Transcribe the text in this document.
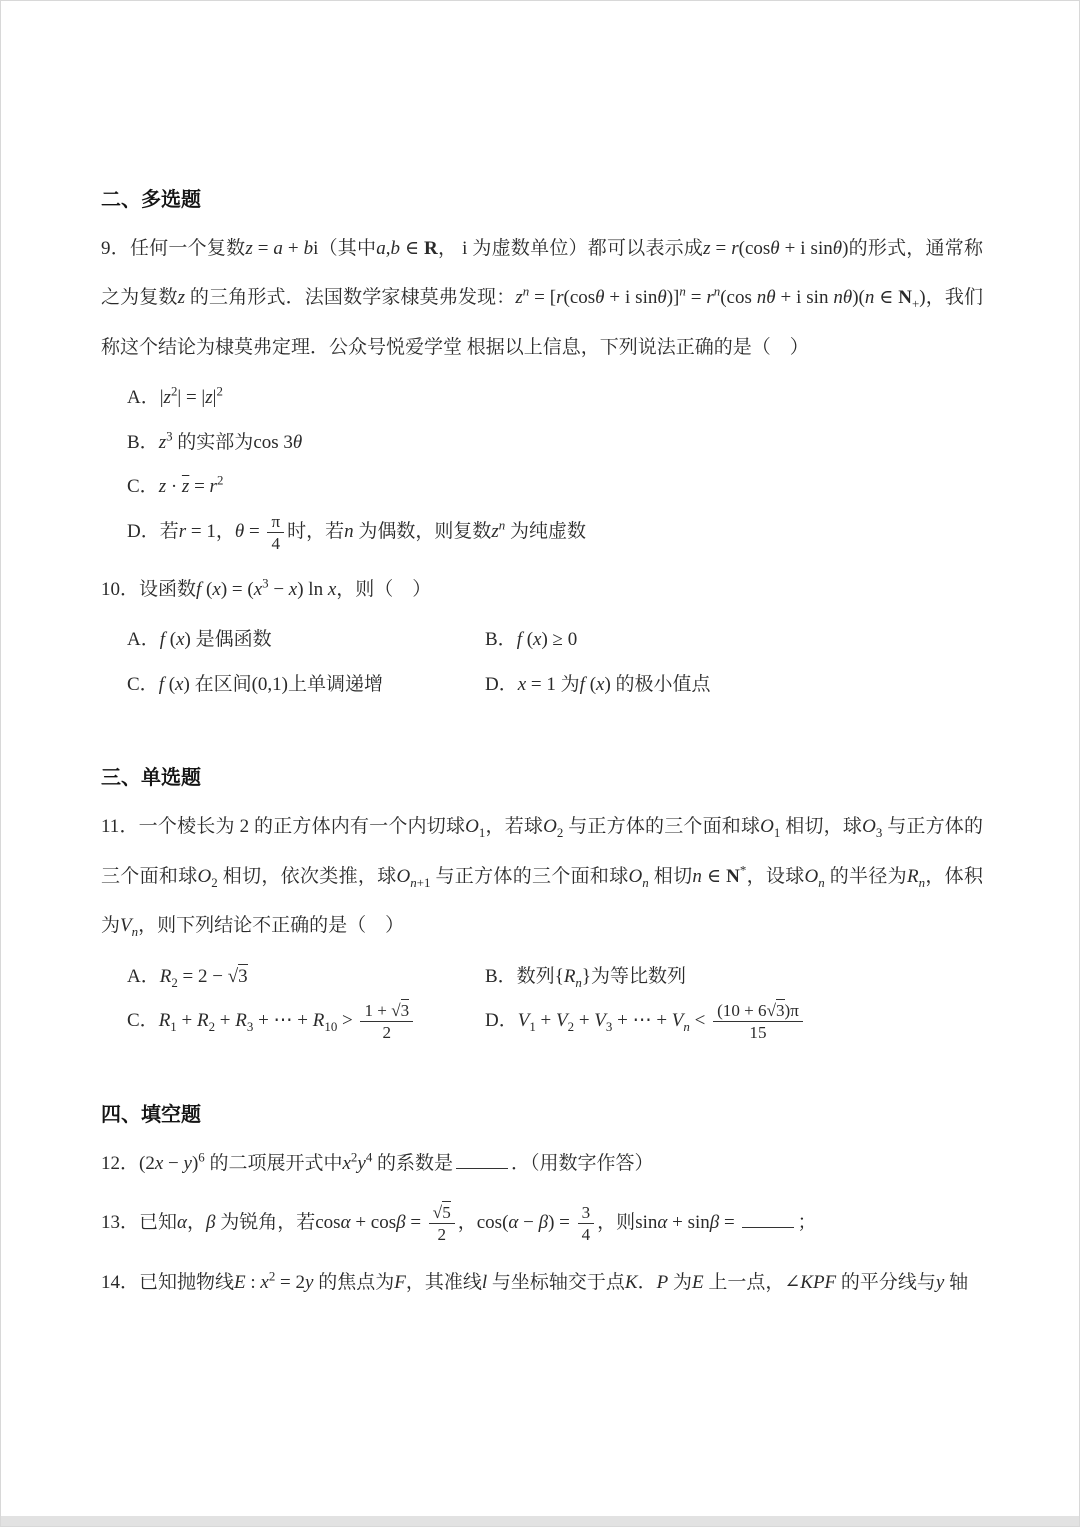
二、多选题

9．任何一个复数z = a + bi（其中a,b ∈ R， i 为虚数单位）都可以表示成z = r(cosθ + i sinθ)的形式，通常称之为复数z 的三角形式．法国数学家棣莫弗发现：$z^n = [r(\cos\theta + i$ $\sin\theta)]^n = r^n(\cos$ nθ + i sin nθ)(n ∈ $N_+$)，我们称这个结论为棣莫弗定理．公众号悦爱学堂 根据以上信息，下列说法正确的是（　）

A．$|z^2| = |z|^2$
B．$z^3$ 的实部为cos 3θ
C．$z \cdot \overline{z} = r^2$
D．若r = 1，$\theta = \frac{\pi}{4}$ 时，若n 为偶数，则复数$z^n$ 为纯虚数

10．设函数f $(x) = (x^3 - x)$ ln x，则（　）

A．f (x) 是偶函数	B．f (x) ≥ 0
C．f (x) 在区间(0,1)上单调递增	D．x = 1 为f (x) 的极小值点
三、单选题

11．一个棱长为 2 的正方体内有一个内切球$O_1$，若球$O_2$ 与正方体的三个面和球$O_1$ 相切，球$O_3$ 与正方体的三个面和球$O_2$ 相切，依次类推，球$O_{n+1}$ 与正方体的三个面和球$O_n$ 相切n ∈ N*，设球$O_n$ 的半径为$R_n$，体积为$V_n$，则下列结论不正确的是（　）

A．$R_2 = 2 - √3$	B．数列$\{R_n\}$为等比数列
C．$R_1 + R_2 + R_3$ + ⋯ + $R_{10} > \frac{1 + √3}{2}$	D．$V_1 + V_2 + V_3$ + ⋯ + $V_n < \frac{(10 + 6√3)\pi}{15}$
四、填空题

12．$(2x - y)^6$ 的二项展开式中$x^2y^4$ 的系数是	．（用数字作答）

13．已知α，β 为锐角，若$\cos\alpha + \cos\beta = \frac{√5}{2}$ ，$\cos(\alpha - \beta) = \frac{3}{4}$ ，则sinα + sinβ =	；

14．已知抛物线E : $x^2 = 2y$ 的焦点为F，其准线l 与坐标轴交于点K．P 为E 上一点，∠KPF 的平分线与y 轴
